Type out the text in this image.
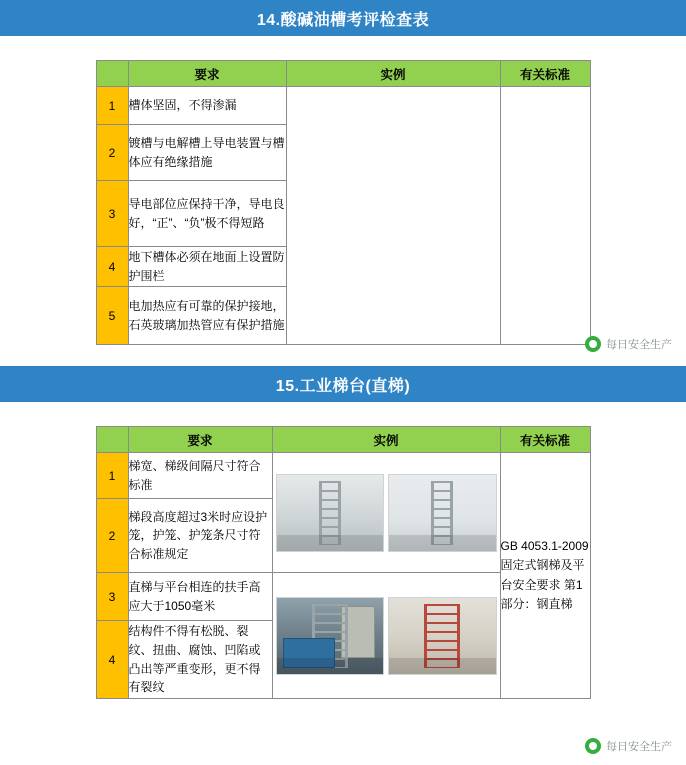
14.酸碱油槽考评检查表
	要求	实例	有关标准
1	槽体坚固，不得渗漏		
2	镀槽与电解槽上导电装置与槽体应有绝缘措施		
3	导电部位应保持干净，导电良好，“正”、“负”极不得短路		
4	地下槽体必须在地面上设置防护围栏		
5	电加热应有可靠的保护接地，石英玻璃加热管应有保护措施		
每日安全生产
15.工业梯台(直梯)
	要求	实例	有关标准
1	梯宽、梯级间隔尺寸符合标准		GB 4053.1-2009 固定式钢梯及平台安全要求 第1部分：钢直梯
2	梯段高度超过3米时应设护笼，护笼、护笼条尺寸符合标准规定		
3	直梯与平台相连的扶手高应大于1050毫米	

4	结构件不得有松脱、裂纹、扭曲、腐蚀、凹陷或凸出等严重变形，更不得有裂纹		
每日安全生产
